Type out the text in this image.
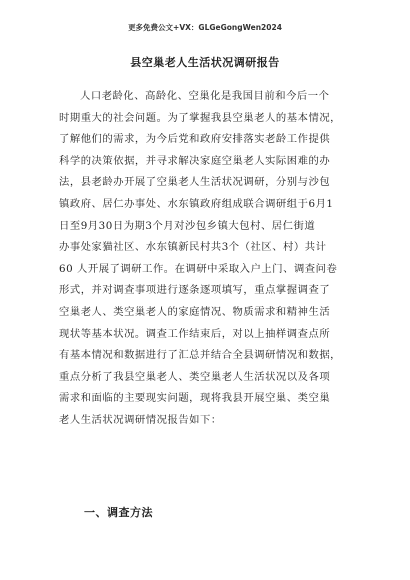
更多免费公文+VX：GLGeGongWen2024
县空巢老人生活状况调研报告
人口老龄化、高龄化、空巢化是我国目前和今后一个
时期重大的社会问题。为了掌握我县空巢老人的基本情况，
了解他们的需求，为今后党和政府安排落实老龄工作提供
科学的决策依据，并寻求解决家庭空巢老人实际困难的办
法，县老龄办开展了空巢老人生活状况调研，分别与沙包
镇政府、居仁办事处、水东镇政府组成联合调研组于6月1
日至9月30日为期3个月对沙包乡镇大包村、居仁街道
办事处家猫社区、水东镇新民村共3个（社区、村）共计
60 人开展了调研工作。在调研中采取入户上门、调查问卷
形式，并对调查事项进行逐条逐项填写，重点掌握调查了
空巢老人、类空巢老人的家庭情况、物质需求和精神生活
现状等基本状况。调查工作结束后，对以上抽样调查点所
有基本情况和数据进行了汇总并结合全县调研情况和数据，
重点分析了我县空巢老人、类空巢老人生活状况以及各项
需求和面临的主要现实问题，现将我县开展空巢、类空巢
老人生活状况调研情况报告如下：
一、调查方法
